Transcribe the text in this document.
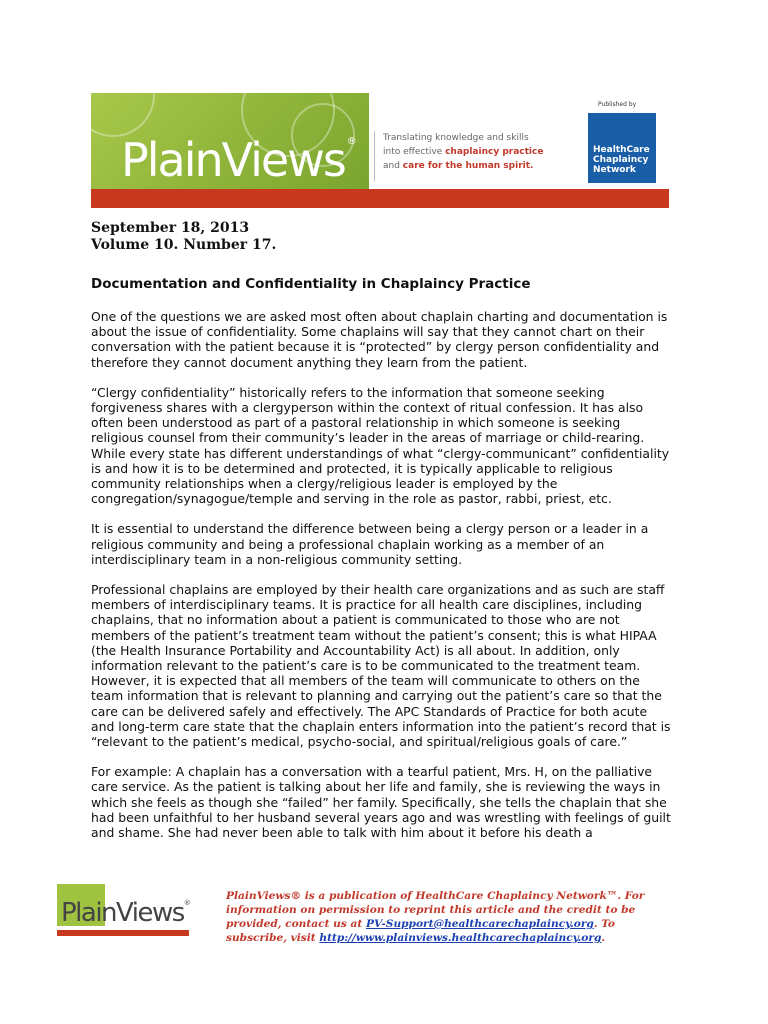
PlainViews ®	Translating knowledge and skills
into effective chaplaincy practice
and care for the human spirit.
Published by
HealthCare Chaplaincy Network
September 18, 2013
Volume 10. Number 17.
Documentation and Confidentiality in Chaplaincy Practice

One of the questions we are asked most often about chaplain charting and documentation is about the issue of confidentiality. Some chaplains will say that they cannot chart on their conversation with the patient because it is “protected” by clergy person confidentiality and therefore they cannot document anything they learn from the patient.

“Clergy confidentiality” historically refers to the information that someone seeking forgiveness shares with a clergyperson within the context of ritual confession. It has also often been understood as part of a pastoral relationship in which someone is seeking religious counsel from their community’s leader in the areas of marriage or child-rearing. While every state has different understandings of what “clergy-communicant” confidentiality is and how it is to be determined and protected, it is typically applicable to religious community relationships when a clergy/religious leader is employed by the congregation/synagogue/temple and serving in the role as pastor, rabbi, priest, etc.

It is essential to understand the difference between being a clergy person or a leader in a religious community and being a professional chaplain working as a member of an interdisciplinary team in a non-religious community setting.

Professional chaplains are employed by their health care organizations and as such are staff members of interdisciplinary teams. It is practice for all health care disciplines, including chaplains, that no information about a patient is communicated to those who are not members of the patient’s treatment team without the patient’s consent; this is what HIPAA (the Health Insurance Portability and Accountability Act) is all about. In addition, only information relevant to the patient’s care is to be communicated to the treatment team. However, it is expected that all members of the team will communicate to others on the team information that is relevant to planning and carrying out the patient’s care so that the care can be delivered safely and effectively. The APC Standards of Practice for both acute and long-term care state that the chaplain enters information into the patient’s record that is “relevant to the patient’s medical, psycho-social, and spiritual/religious goals of care.”

For example: A chaplain has a conversation with a tearful patient, Mrs. H, on the palliative care service. As the patient is talking about her life and family, she is reviewing the ways in which she feels as though she “failed” her family. Specifically, she tells the chaplain that she had been unfaithful to her husband several years ago and was wrestling with feelings of guilt and shame. She had never been able to talk with him about it before his death a

PlainViews®
PlainViews® is a publication of HealthCare Chaplaincy Network™. For information on permission to reprint this article and the credit to be provided, contact us at PV-Support@healthcarechaplaincy.org. To subscribe, visit http://www.plainviews.healthcarechaplaincy.org.
